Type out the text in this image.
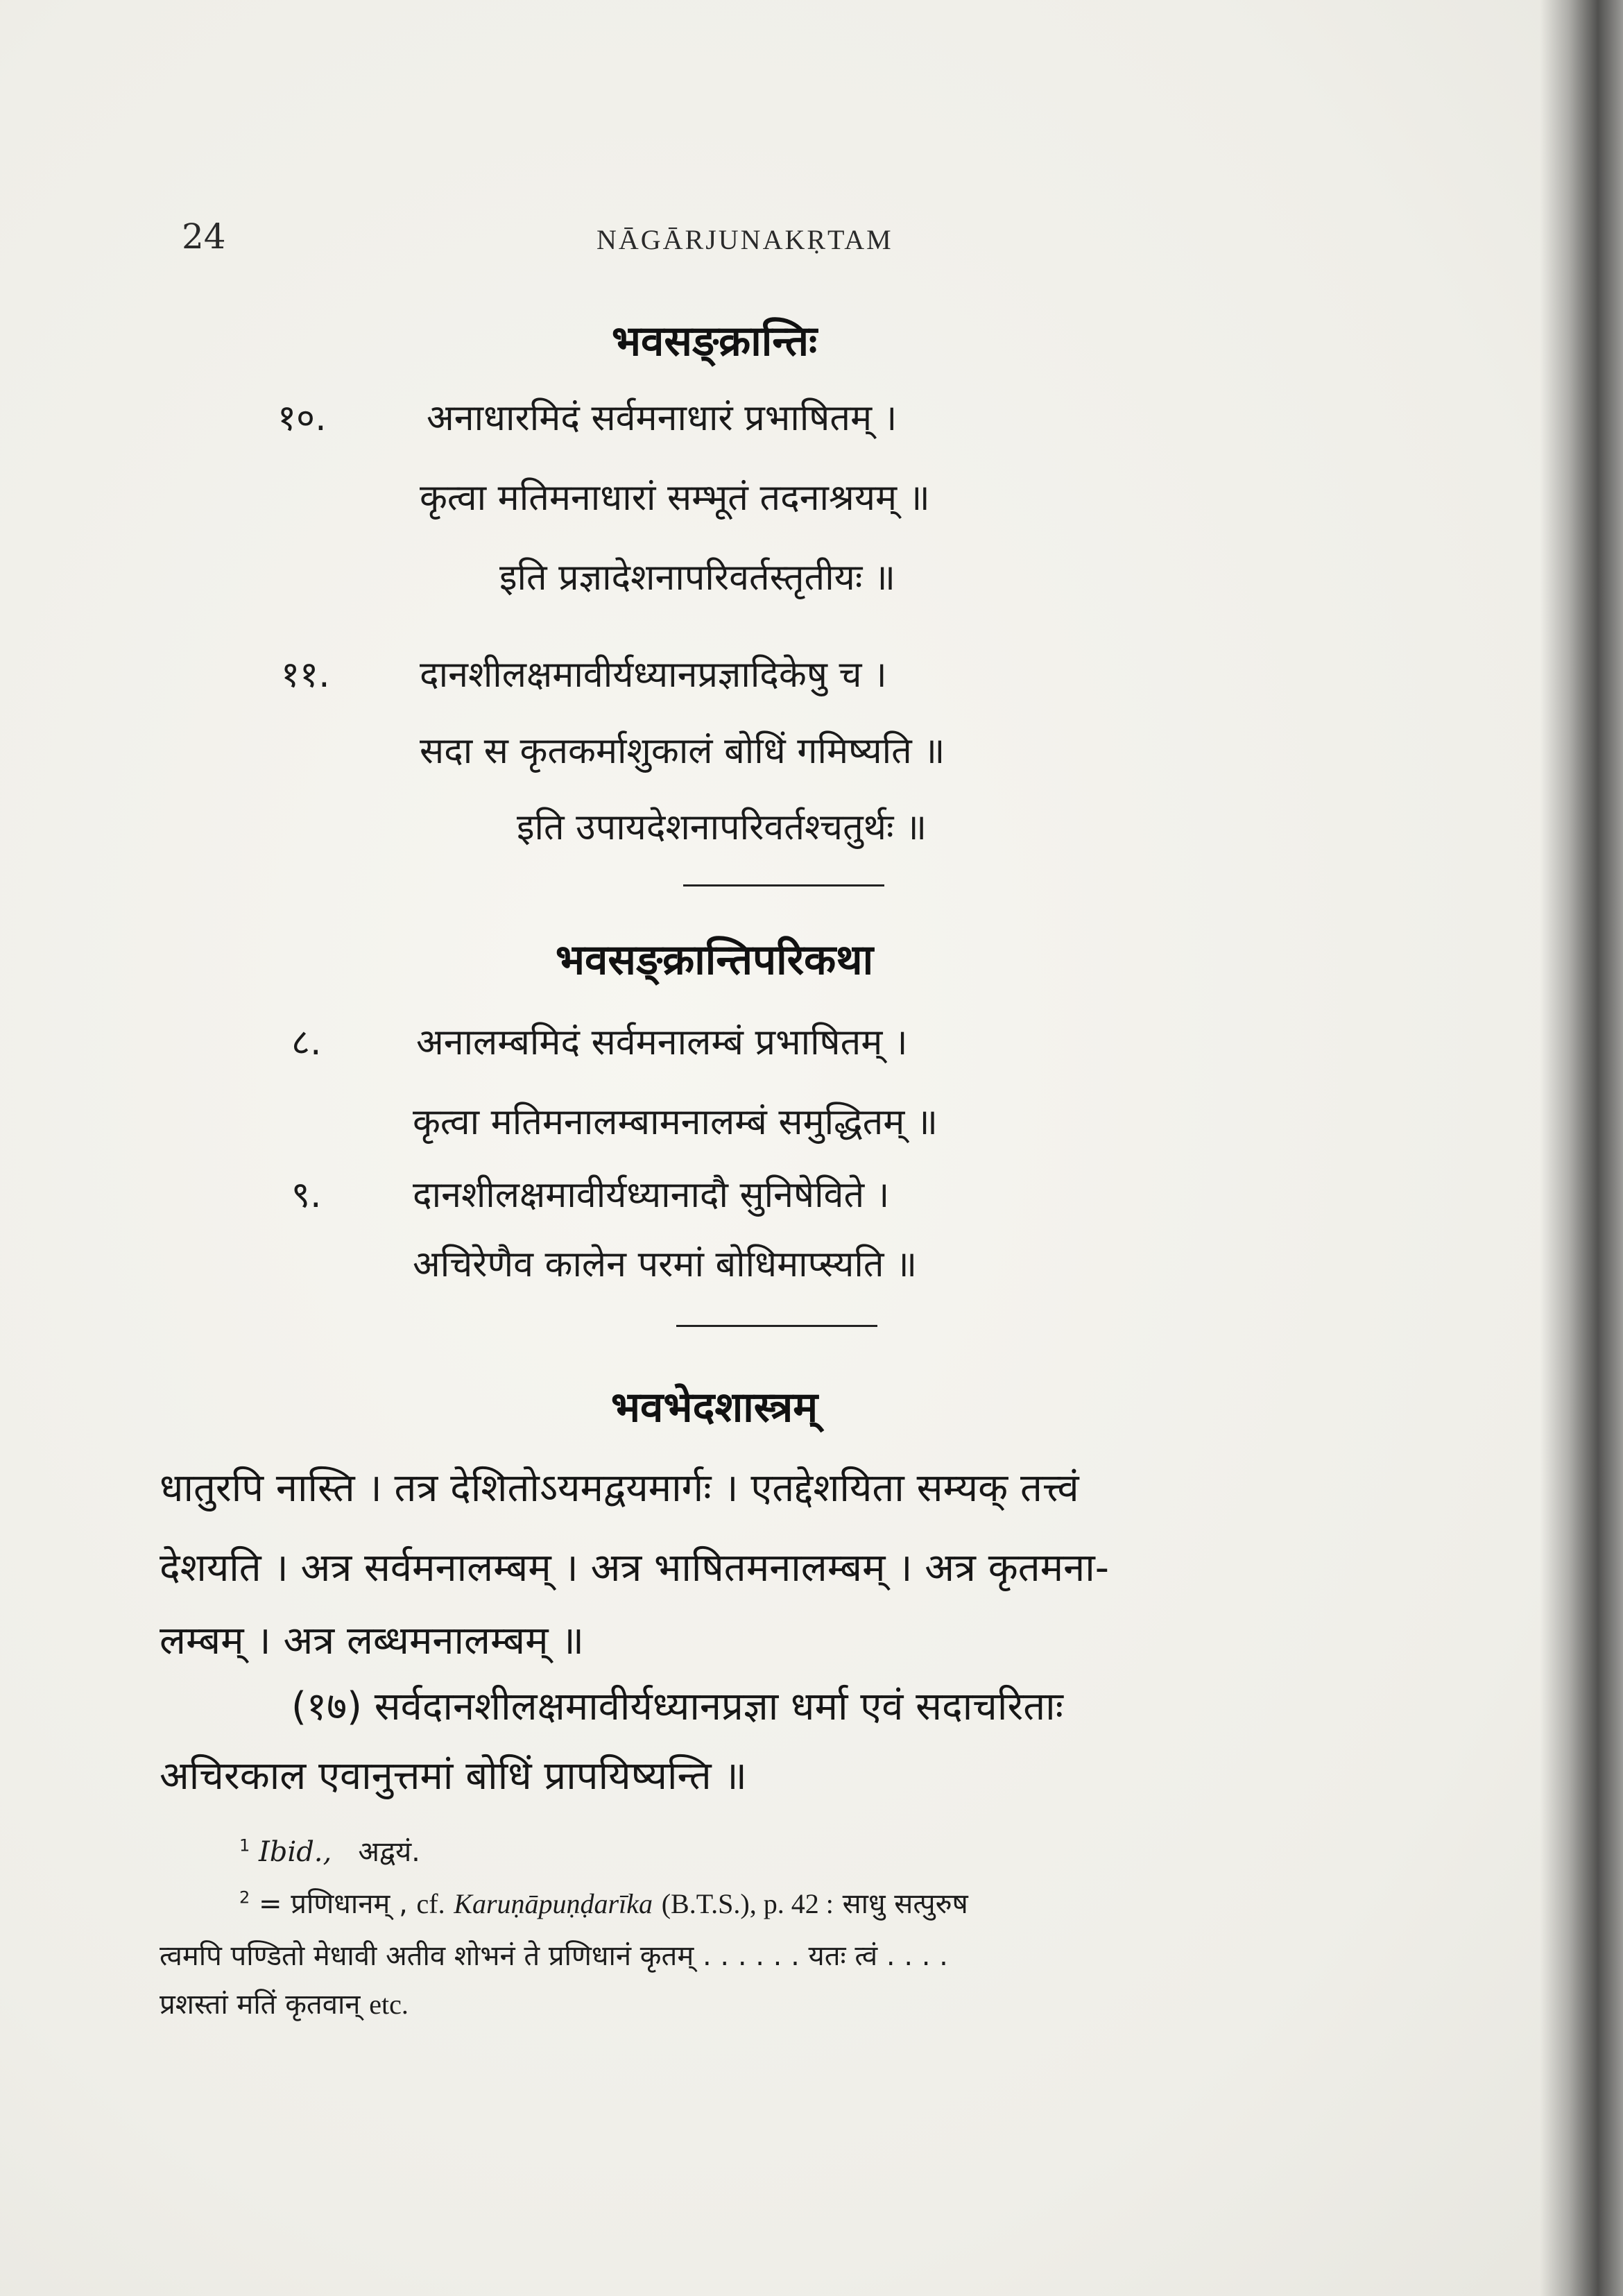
24	NĀGĀRJUNAKṚTAM
भवसङ्क्रान्तिः
१०.	अनाधारमिदं सर्वमनाधारं प्रभाषितम् ।
कृत्वा मतिमनाधारां सम्भूतं तदनाश्रयम् ॥
इति प्रज्ञादेशनापरिवर्तस्तृतीयः ॥
११. दानशीलक्षमावीर्यध्यानप्रज्ञादिकेषु च ।
सदा स कृतकर्माशुकालं बोधिं गमिष्यति ॥
इति उपायदेशनापरिवर्तश्चतुर्थः ॥
भवसङ्क्रान्तिपरिकथा
८.	अनालम्बमिदं सर्वमनालम्बं प्रभाषितम् ।
कृत्वा मतिमनालम्बामनालम्बं समुद्धितम् ॥
९.	दानशीलक्षमावीर्यध्यानादौ सुनिषेविते ।
अचिरेणैव कालेन परमां बोधिमाप्स्यति ॥
भवभेदशास्त्रम्
धातुरपि नास्ति । तत्र देशितोऽयमद्वयमार्गः । एतद्देशयिता सम्यक् तत्त्वं
देशयति । अत्र सर्वमनालम्बम् । अत्र भाषितमनालम्बम् । अत्र कृतमना-
लम्बम् । अत्र लब्धमनालम्बम् ॥
(१७) सर्वदानशीलक्षमावीर्यध्यानप्रज्ञा धर्मा एवं सदाचरिताः
अचिरकाल एवानुत्तमां बोधिं प्रापयिष्यन्ति ॥
$^1$ Ibid., अद्वयं.
$^2$ = प्रणिधानम् , cf. Karuṇāpuṇḍarīka (B.T.S.), p. 42 : साधु सत्पुरुष
त्वमपि पण्डितो मेधावी अतीव शोभनं ते प्रणिधानं कृतम् . . . . . . यतः त्वं . . . .
प्रशस्तां मतिं कृतवान् etc.
